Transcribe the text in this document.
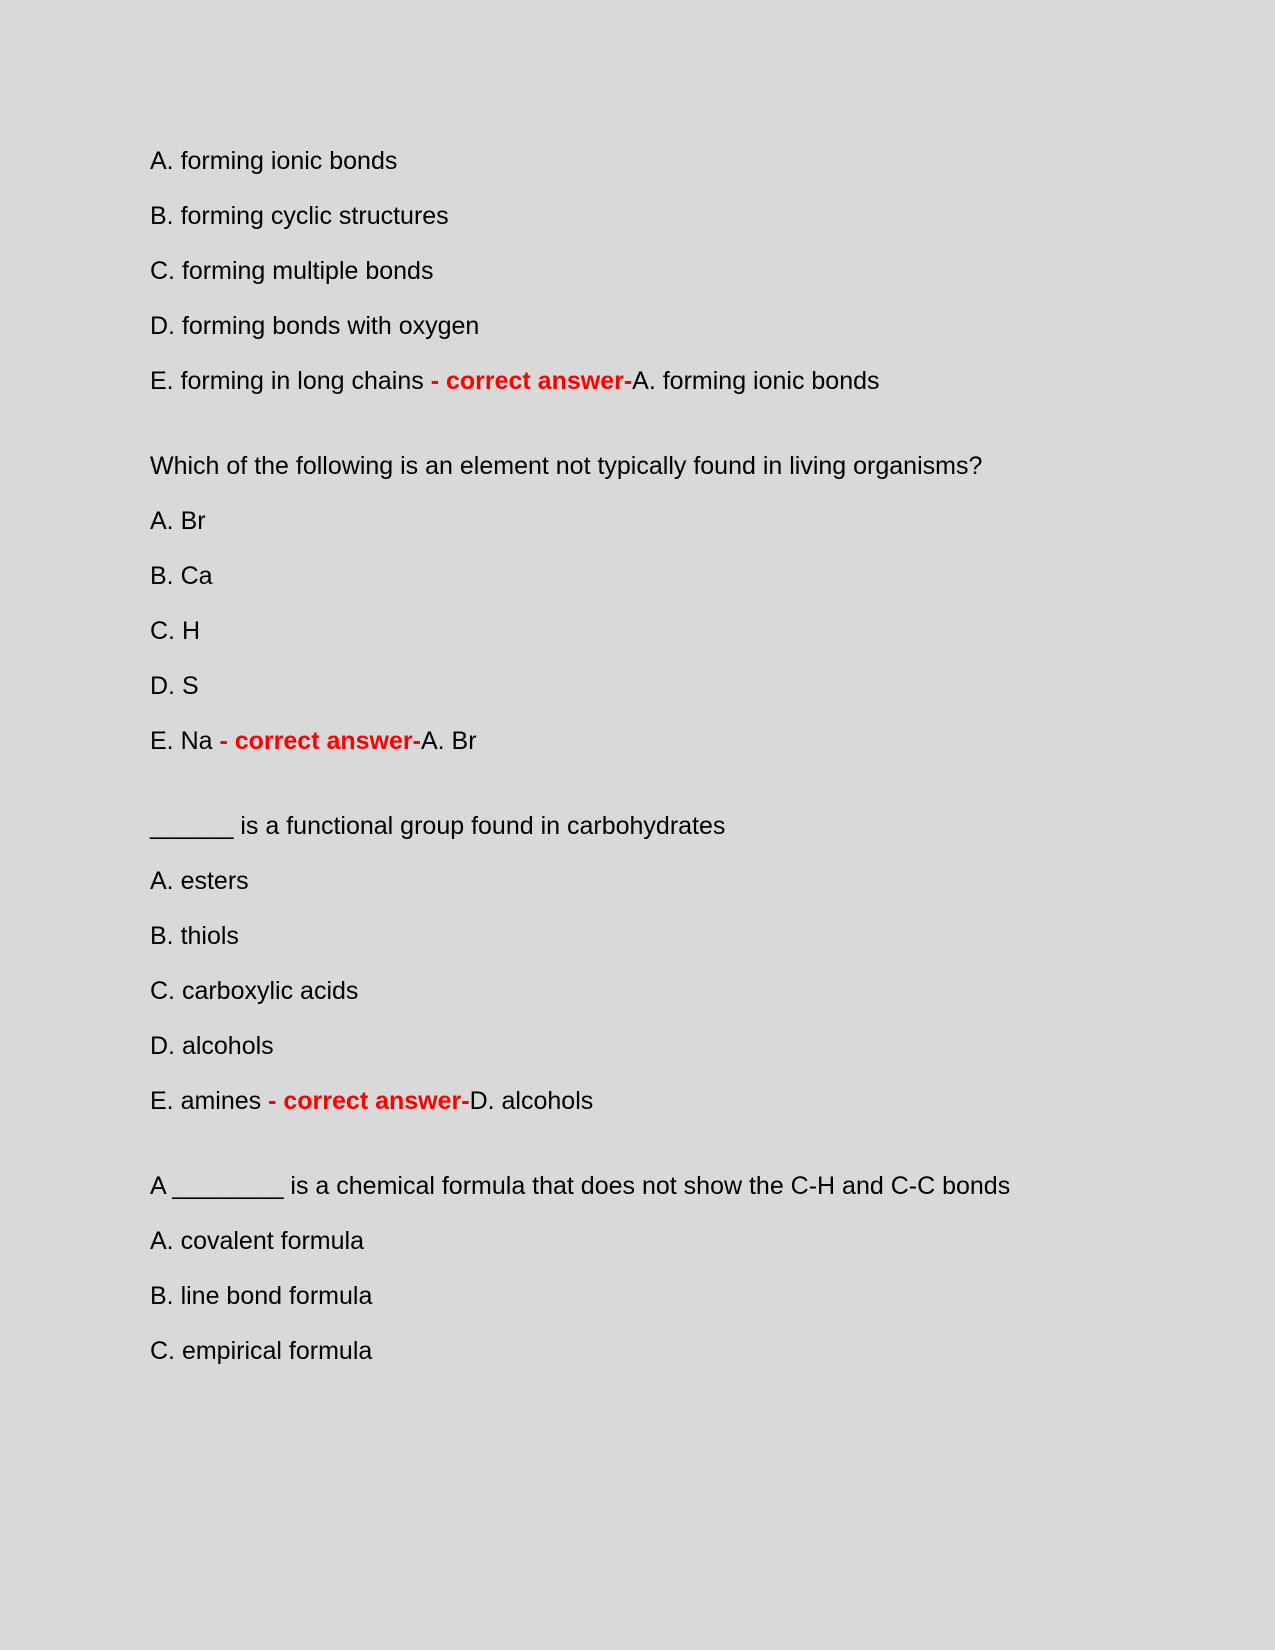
A. forming ionic bonds
B. forming cyclic structures
C. forming multiple bonds
D. forming bonds with oxygen
E. forming in long chains - correct answer-A. forming ionic bonds
Which of the following is an element not typically found in living organisms?
A. Br
B. Ca
C. H
D. S
E. Na - correct answer-A. Br
______ is a functional group found in carbohydrates
A. esters
B. thiols
C. carboxylic acids
D. alcohols
E. amines - correct answer-D. alcohols
A ________ is a chemical formula that does not show the C-H and C-C bonds
A. covalent formula
B. line bond formula
C. empirical formula
